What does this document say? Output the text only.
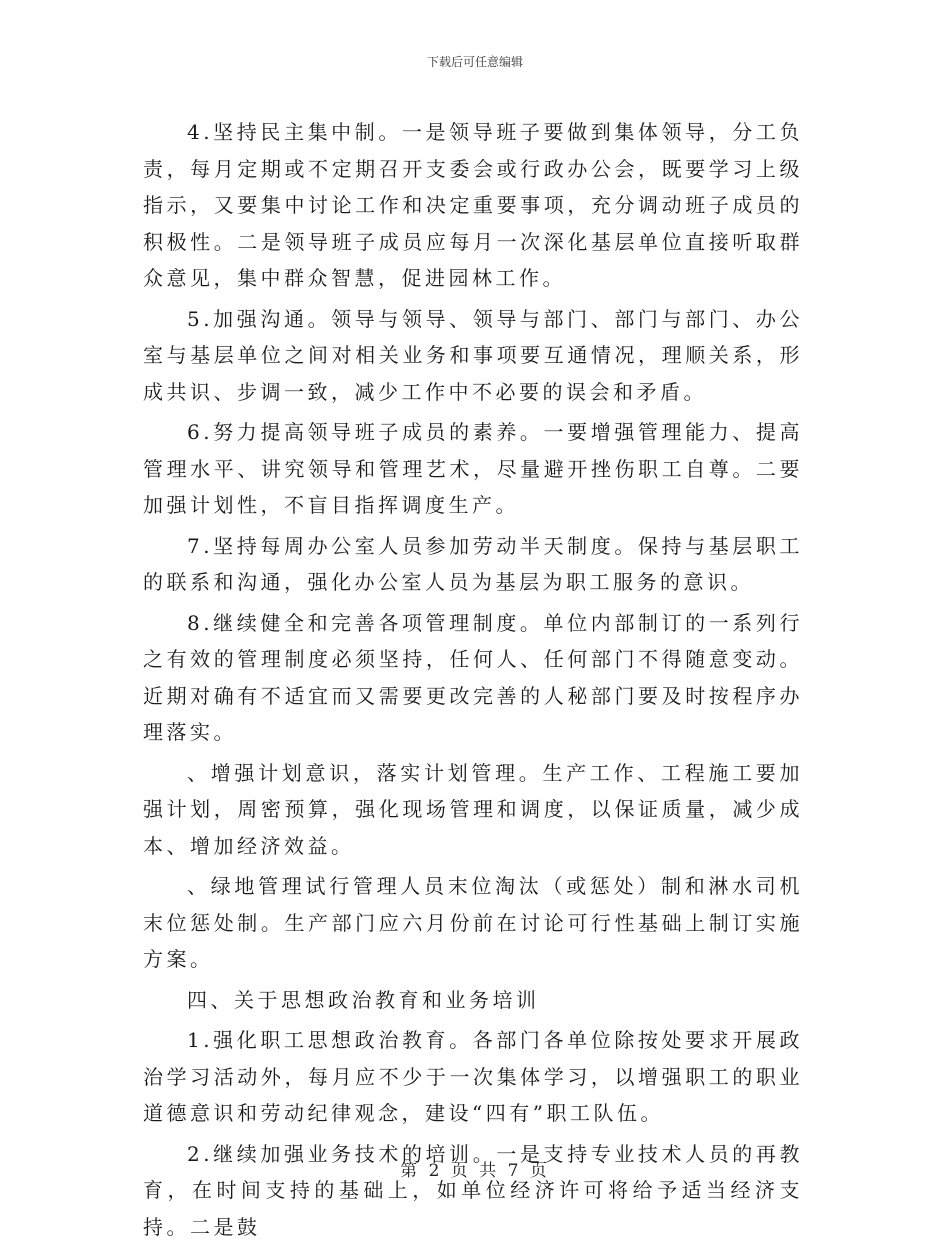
下载后可任意编辑

4.坚持民主集中制。一是领导班子要做到集体领导，分工负责，每月定期或不定期召开支委会或行政办公会，既要学习上级指示，又要集中讨论工作和决定重要事项，充分调动班子成员的积极性。二是领导班子成员应每月一次深化基层单位直接听取群众意见，集中群众智慧，促进园林工作。

5.加强沟通。领导与领导、领导与部门、部门与部门、办公室与基层单位之间对相关业务和事项要互通情况，理顺关系，形成共识、步调一致，减少工作中不必要的误会和矛盾。

6.努力提高领导班子成员的素养。一要增强管理能力、提高管理水平、讲究领导和管理艺术，尽量避开挫伤职工自尊。二要加强计划性，不盲目指挥调度生产。

7.坚持每周办公室人员参加劳动半天制度。保持与基层职工的联系和沟通，强化办公室人员为基层为职工服务的意识。

8.继续健全和完善各项管理制度。单位内部制订的一系列行之有效的管理制度必须坚持，任何人、任何部门不得随意变动。近期对确有不适宜而又需要更改完善的人秘部门要及时按程序办理落实。

、增强计划意识，落实计划管理。生产工作、工程施工要加强计划，周密预算，强化现场管理和调度，以保证质量，减少成本、增加经济效益。

、绿地管理试行管理人员末位淘汰（或惩处）制和淋水司机末位惩处制。生产部门应六月份前在讨论可行性基础上制订实施方案。

四、关于思想政治教育和业务培训

1.强化职工思想政治教育。各部门各单位除按处要求开展政治学习活动外，每月应不少于一次集体学习，以增强职工的职业道德意识和劳动纪律观念，建设“四有”职工队伍。

2.继续加强业务技术的培训。一是支持专业技术人员的再教育，在时间支持的基础上，如单位经济许可将给予适当经济支持。二是鼓

第 2 页 共 7 页
